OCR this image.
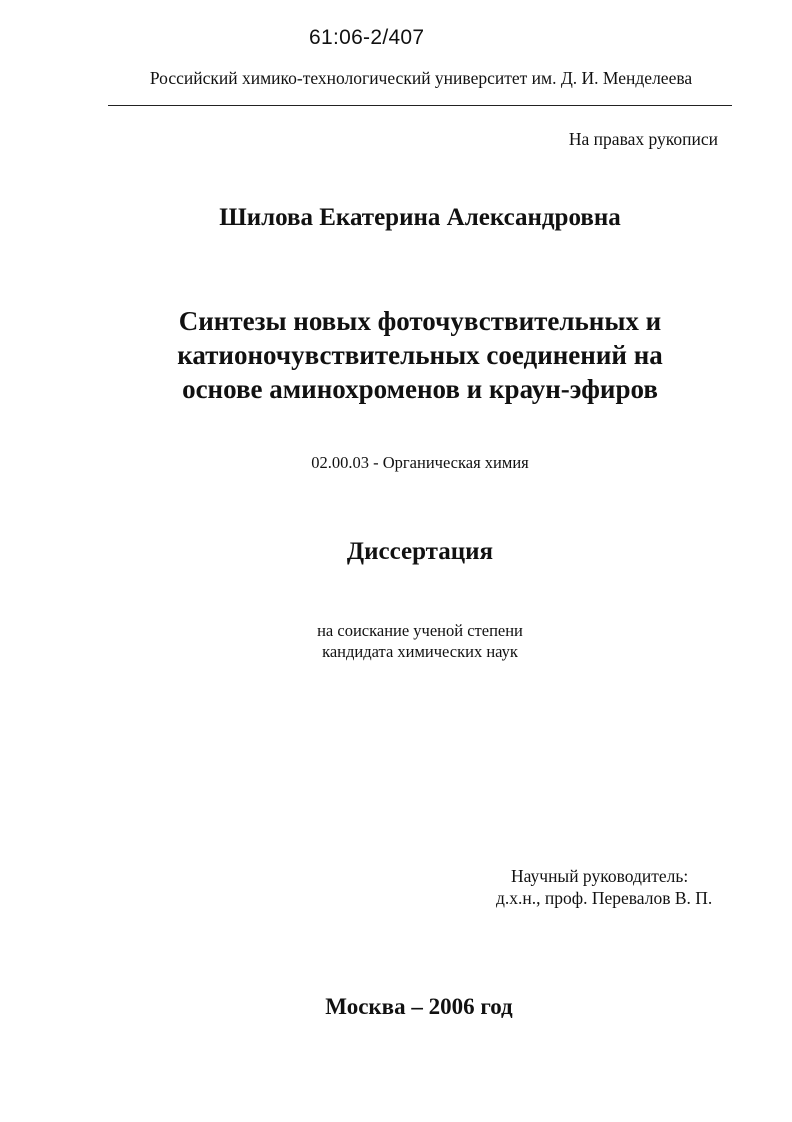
61:06-2/407
Российский химико-технологический университет им. Д. И. Менделеева
На правах рукописи
Шилова Екатерина Александровна
Синтезы новых фоточувствительных и
катионочувствительных соединений на
основе аминохроменов и краун-эфиров
02.00.03 - Органическая химия
Диссертация
на соискание ученой степени
кандидата химических наук
Научный руководитель:
д.х.н., проф. Перевалов В. П.
Москва – 2006 год
